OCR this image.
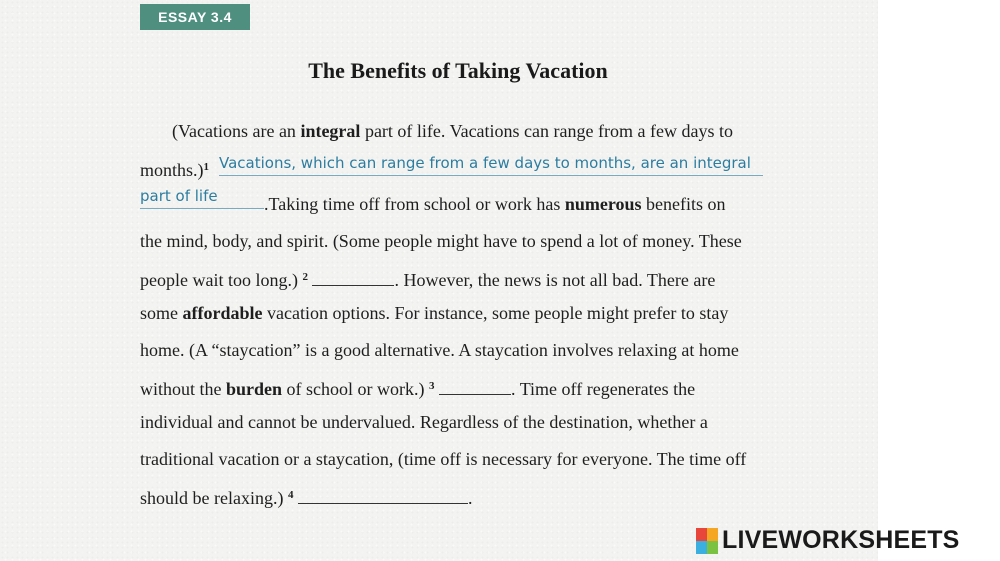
ESSAY 3.4
The Benefits of Taking Vacation
(Vacations are an integral part of life. Vacations can range from a few days to
months.)$^1$ Vacations, which can range from a few days to months, are an integral
part of life	.Taking time off from school or work has numerous benefits on
the mind, body, and spirit. (Some people might have to spend a lot of money. These
people wait too long.) $^2$	. However, the news is not all bad. There are
some affordable vacation options. For instance, some people might prefer to stay
home. (A “staycation” is a good alternative. A staycation involves relaxing at home
without the burden of school or work.) $^3$	. Time off regenerates the
individual and cannot be undervalued. Regardless of the destination, whether a
traditional vacation or a staycation, (time off is necessary for everyone. The time off
should be relaxing.) $^4$	.
LIVEWORKSHEETS
